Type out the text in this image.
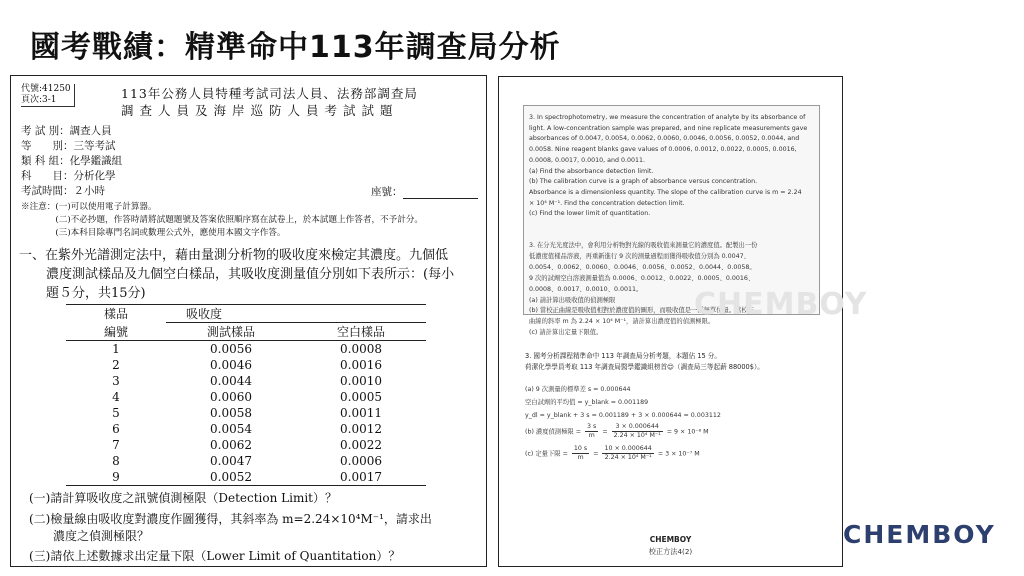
國考戰績：精準命中113年調查局分析
代號:41250
頁次:3-1	113年公務人員特種考試司法人員、法務部調查局
調查人員及海岸巡防人員考試試題
考 試 別：調查人員
等　　別：三等考試
類 科 組：化學鑑識組
科　　目：分析化學
考試時間：２小時	座號：
※注意：(一)可以使用電子計算器。
　　　　(二)不必抄題，作答時請將試題題號及答案依照順序寫在試卷上，於本試題上作答者，不予計分。
　　　　(三)本科目除專門名詞或數理公式外，應使用本國文字作答。
一、在紫外光譜測定法中，藉由量測分析物的吸收度來檢定其濃度。九個低
濃度測試樣品及九個空白樣品，其吸收度測量值分別如下表所示：(每小
題５分，共15分)
樣品	吸收度	
編號	測試樣品	空白樣品
1	0.0056	0.0008
2	0.0046	0.0016
3	0.0044	0.0010
4	0.0060	0.0005
5	0.0058	0.0011
6	0.0054	0.0012
7	0.0062	0.0022
8	0.0047	0.0006
9	0.0052	0.0017
(一)請計算吸收度之訊號偵測極限（Detection Limit）？
(二)檢量線由吸收度對濃度作圖獲得，其斜率為 m=2.24×10⁴M⁻¹，請求出
濃度之偵測極限？
(三)請依上述數據求出定量下限（Lower Limit of Quantitation）？
3. In spectrophotometry, we measure the concentration of analyte by its absorbance of
light. A low-concentration sample was prepared, and nine replicate measurements gave
absorbances of 0.0047, 0.0054, 0.0062, 0.0060, 0.0046, 0.0056, 0.0052, 0.0044, and
0.0058. Nine reagent blanks gave values of 0.0006, 0.0012, 0.0022, 0.0005, 0.0016,
0.0008, 0.0017, 0.0010, and 0.0011.
(a) Find the absorbance detection limit.
(b) The calibration curve is a graph of absorbance versus concentration.
Absorbance is a dimensionless quantity. The slope of the calibration curve is m = 2.24
× 10⁴ M⁻¹. Find the concentration detection limit.
(c) Find the lower limit of quantitation.
3. 在分光光度法中，會利用分析物對光線的吸收值來測量它的濃度值。配製出一份
低濃度值樣品溶液，再重新進行 9 次的測量過程而獲得吸收值分別為 0.0047、
0.0054、0.0062、0.0060、0.0046、0.0056、0.0052、0.0044、0.0058。
9 次的試劑空白溶液測量值為 0.0006、0.0012、0.0022、0.0005、0.0016、
0.0008、0.0017、0.0010、0.0011。
(a) 請計算出吸收值的偵測極限
(b) 當校正曲線是吸收值相對於濃度值的圖形，而吸收值是一種無單位量。當校正
曲線的斜率 m 為 2.24 × 10⁴ M⁻¹，請計算出濃度值的偵測極限。
(c) 請計算出定量下限值。
CHEMBOY
3. 國考分析課程精準命中 113 年調查局分析考題，本題佔 15 分。
荷潔化學學員考取 113 年調查局醫學鑑識組榜首😊（調查局三等起薪 88000$）。
(a) 9 次測量的標準差 s = 0.000644
空白試劑的平均值 = y_blank = 0.001189
y_dl = y_blank + 3 s = 0.001189 + 3 × 0.000644 = 0.003112
(b) 濃度偵測極限 = $\frac{3 s}{m} = \frac{3 \times 0.000644}{\text{2.24 × 10⁴ M⁻¹}} = 9 \times 10^{-8}$ M
(c) 定量下限 = $\frac{10 s}{m} = \frac{10 \times 0.000644}{\text{2.24 × 10⁴ M⁻¹}} = 3 \times 10^{-7}$ M
CHEMBOY
校正方法4(2)
CHEMBOY
